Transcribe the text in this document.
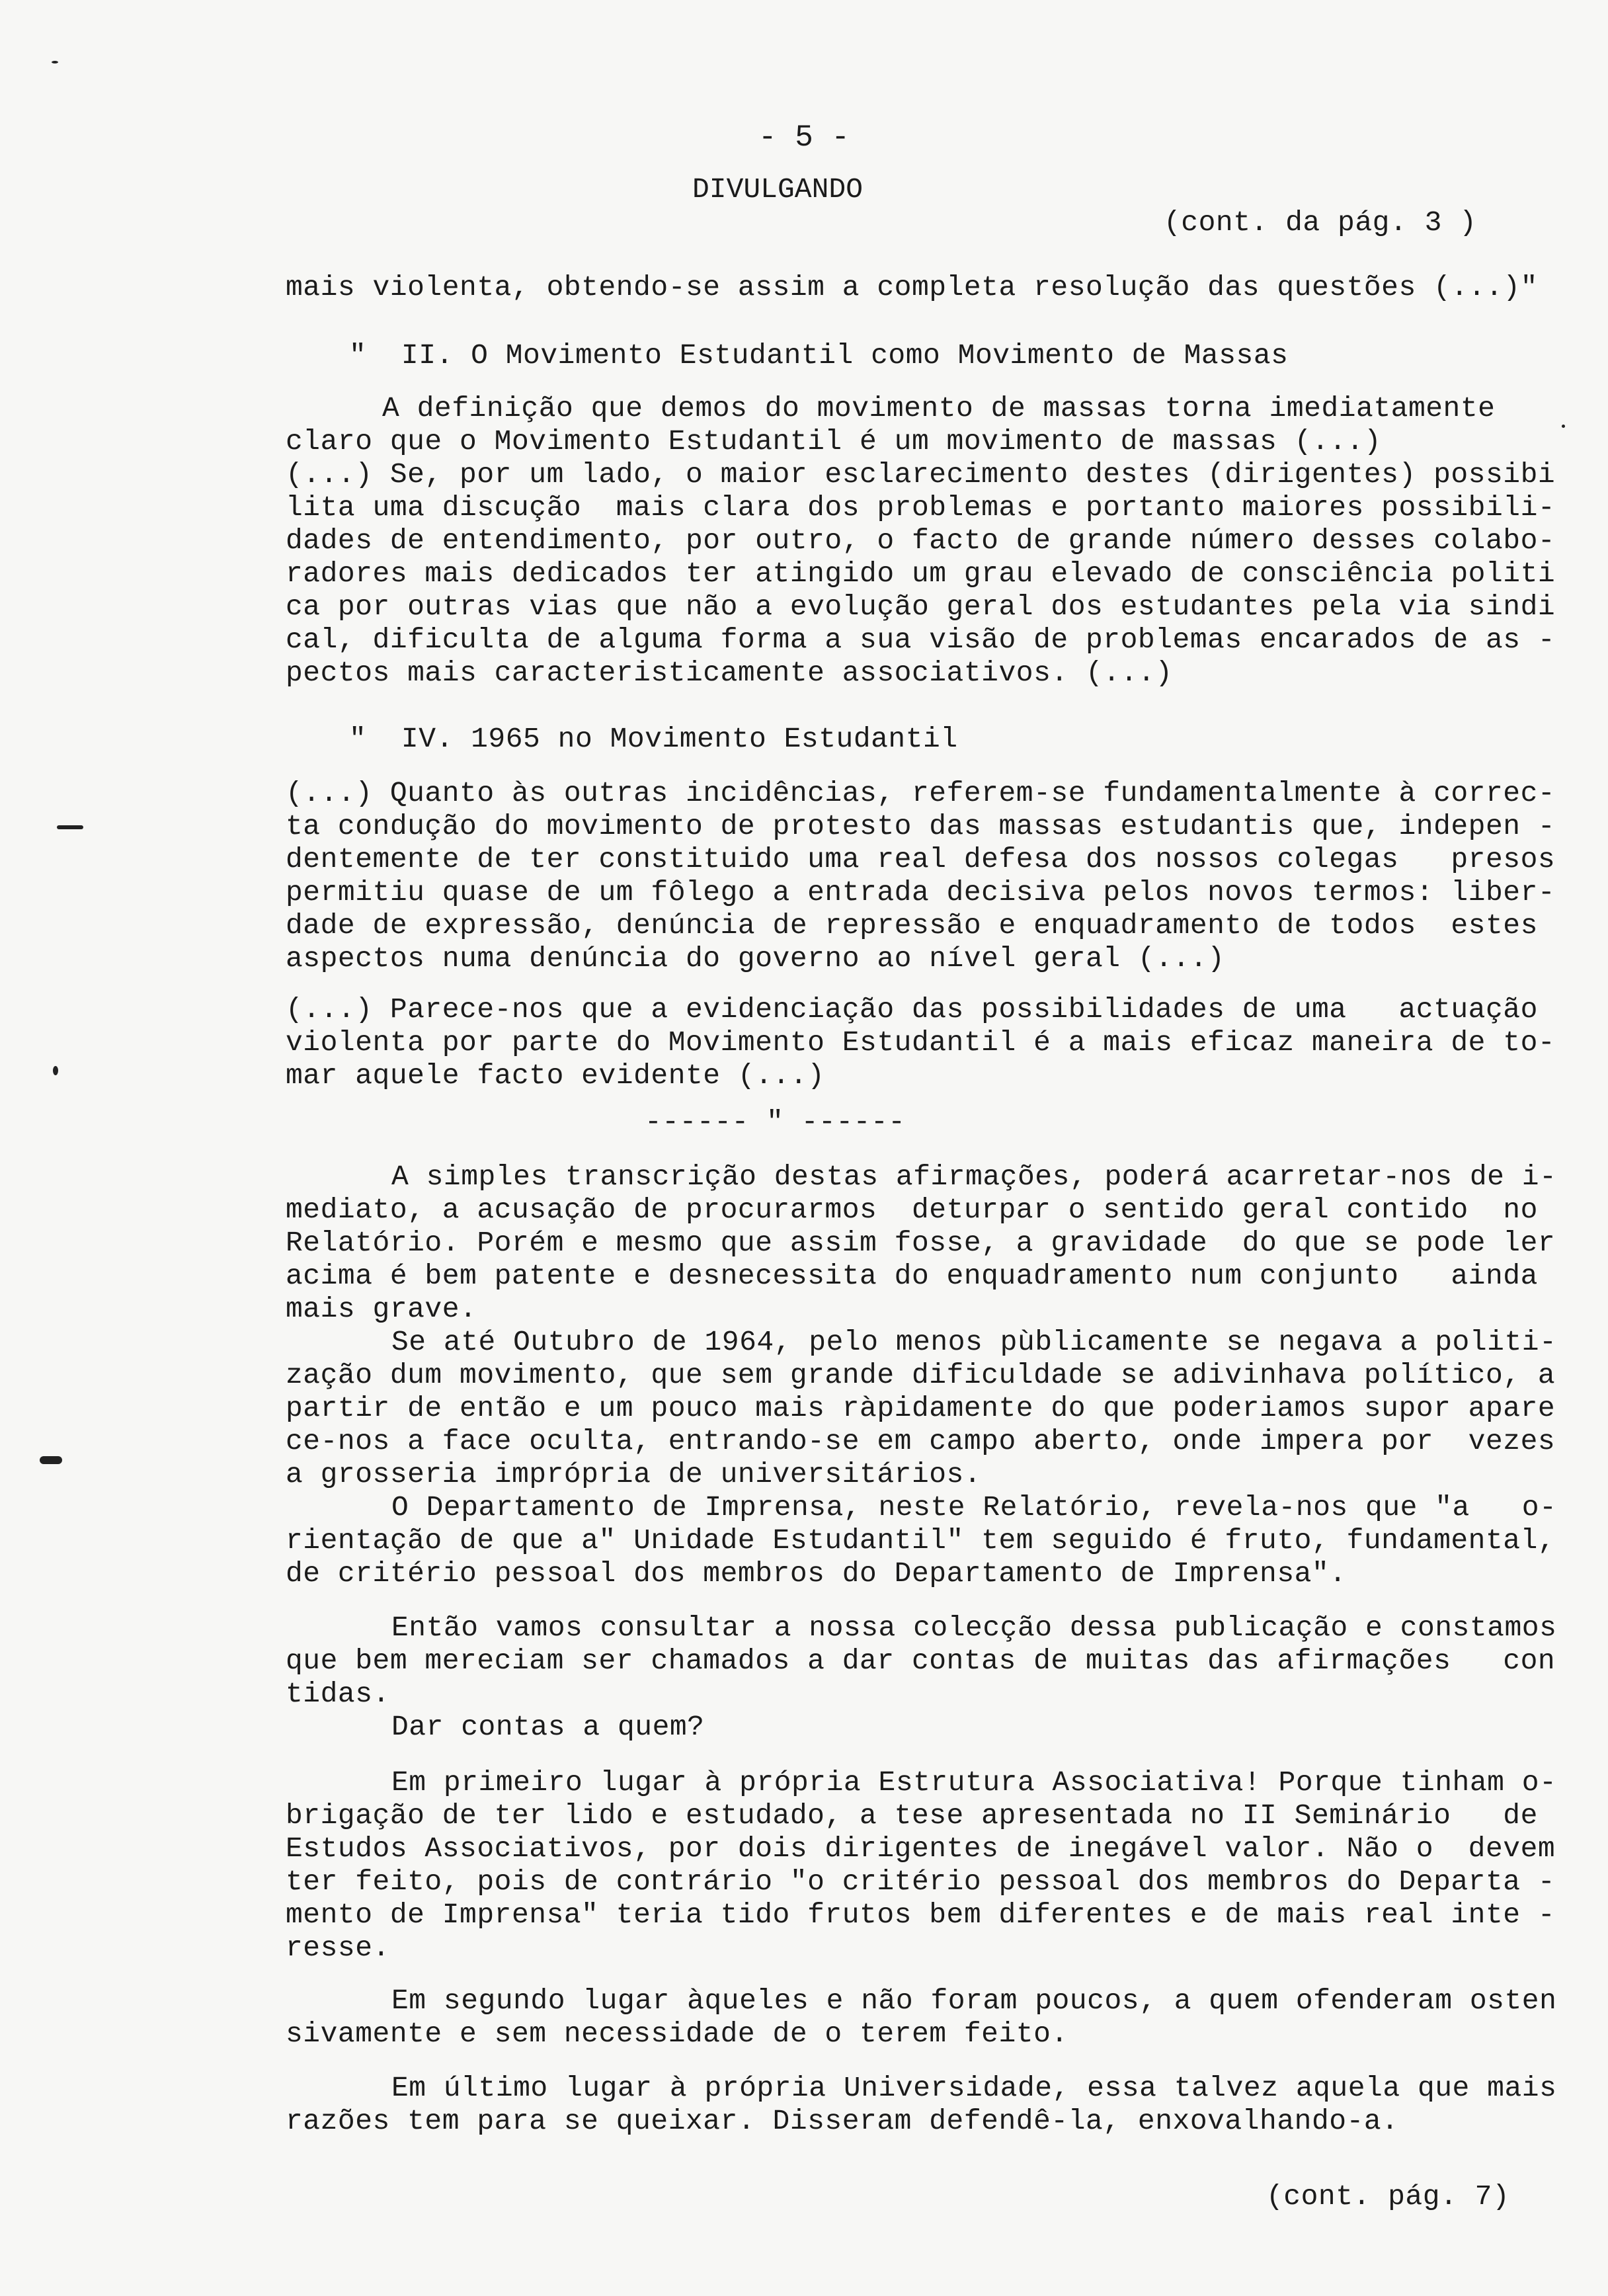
- 5 -
DIVULGANDO
(cont. da pág. 3 )
mais violenta, obtendo-se assim a completa resolução das questões (...)"
"  II. O Movimento Estudantil como Movimento de Massas
A definição que demos do movimento de massas torna imediatamente
claro que o Movimento Estudantil é um movimento de massas (...)
(...) Se, por um lado, o maior esclarecimento destes (dirigentes) possibi
lita uma discução  mais clara dos problemas e portanto maiores possibili-
dades de entendimento, por outro, o facto de grande número desses colabo-
radores mais dedicados ter atingido um grau elevado de consciência politi
ca por outras vias que não a evolução geral dos estudantes pela via sindi
cal, dificulta de alguma forma a sua visão de problemas encarados de as -
pectos mais caracteristicamente associativos. (...)
"  IV. 1965 no Movimento Estudantil
(...) Quanto às outras incidências, referem-se fundamentalmente à correc-
ta condução do movimento de protesto das massas estudantis que, indepen -
dentemente de ter constituido uma real defesa dos nossos colegas   presos
permitiu quase de um fôlego a entrada decisiva pelos novos termos: liber-
dade de expressão, denúncia de repressão e enquadramento de todos  estes
aspectos numa denúncia do governo ao nível geral (...)
(...) Parece-nos que a evidenciação das possibilidades de uma   actuação
violenta por parte do Movimento Estudantil é a mais eficaz maneira de to-
mar aquele facto evidente (...)
------ " ------
A simples transcrição destas afirmações, poderá acarretar-nos de i-
mediato, a acusação de procurarmos  deturpar o sentido geral contido  no
Relatório. Porém e mesmo que assim fosse, a gravidade  do que se pode ler
acima é bem patente e desnecessita do enquadramento num conjunto   ainda
mais grave.
Se até Outubro de 1964, pelo menos pùblicamente se negava a politi-
zação dum movimento, que sem grande dificuldade se adivinhava político, a
partir de então e um pouco mais ràpidamente do que poderiamos supor apare
ce-nos a face oculta, entrando-se em campo aberto, onde impera por  vezes
a grosseria imprópria de universitários.
O Departamento de Imprensa, neste Relatório, revela-nos que "a   o-
rientação de que a" Unidade Estudantil" tem seguido é fruto, fundamental,
de critério pessoal dos membros do Departamento de Imprensa".
Então vamos consultar a nossa colecção dessa publicação e constamos
que bem mereciam ser chamados a dar contas de muitas das afirmações   con
tidas.
Dar contas a quem?
Em primeiro lugar à própria Estrutura Associativa! Porque tinham o-
brigação de ter lido e estudado, a tese apresentada no II Seminário   de
Estudos Associativos, por dois dirigentes de inegável valor. Não o  devem
ter feito, pois de contrário "o critério pessoal dos membros do Departa -
mento de Imprensa" teria tido frutos bem diferentes e de mais real inte -
resse.
Em segundo lugar àqueles e não foram poucos, a quem ofenderam osten
sivamente e sem necessidade de o terem feito.
Em último lugar à própria Universidade, essa talvez aquela que mais
razões tem para se queixar. Disseram defendê-la, enxovalhando-a.
(cont. pág. 7)
